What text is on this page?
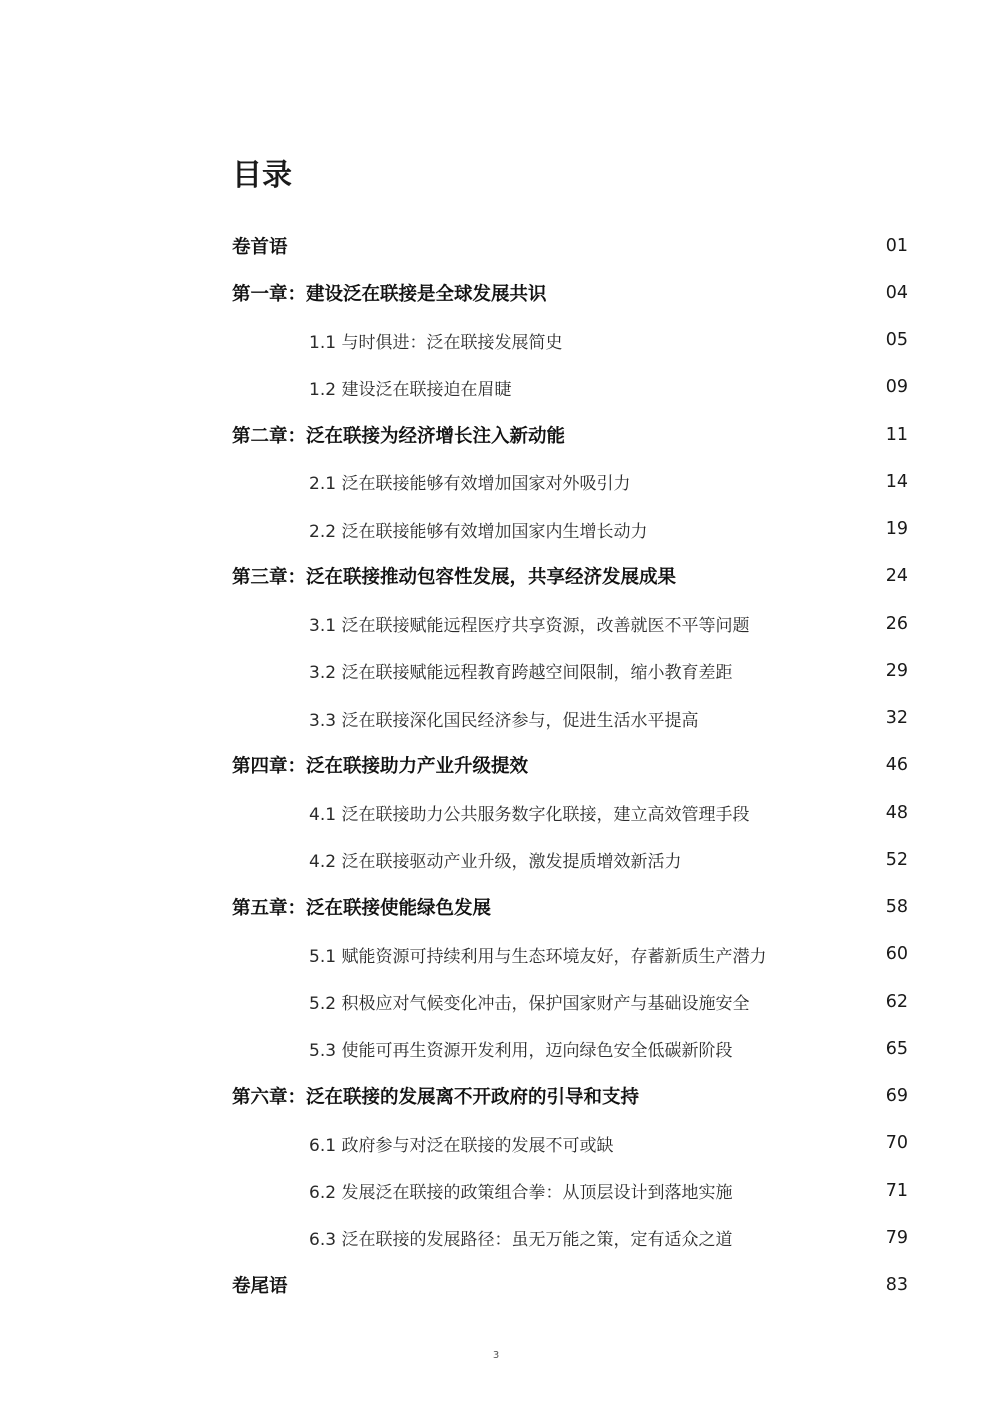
目录
卷首语	01
第一章：建设泛在联接是全球发展共识	04
1.1 与时俱进：泛在联接发展简史	05
1.2 建设泛在联接迫在眉睫	09
第二章：泛在联接为经济增长注入新动能	11
2.1 泛在联接能够有效增加国家对外吸引力	14
2.2 泛在联接能够有效增加国家内生增长动力	19
第三章：泛在联接推动包容性发展，共享经济发展成果	24
3.1 泛在联接赋能远程医疗共享资源，改善就医不平等问题	26
3.2 泛在联接赋能远程教育跨越空间限制，缩小教育差距	29
3.3 泛在联接深化国民经济参与，促进生活水平提高	32
第四章：泛在联接助力产业升级提效	46
4.1 泛在联接助力公共服务数字化联接，建立高效管理手段	48
4.2 泛在联接驱动产业升级，激发提质增效新活力	52
第五章：泛在联接使能绿色发展	58
5.1 赋能资源可持续利用与生态环境友好，存蓄新质生产潜力	60
5.2 积极应对气候变化冲击，保护国家财产与基础设施安全	62
5.3 使能可再生资源开发利用，迈向绿色安全低碳新阶段	65
第六章：泛在联接的发展离不开政府的引导和支持	69
6.1 政府参与对泛在联接的发展不可或缺	70
6.2 发展泛在联接的政策组合拳：从顶层设计到落地实施	71
6.3 泛在联接的发展路径：虽无万能之策，定有适众之道	79
卷尾语	83
3
